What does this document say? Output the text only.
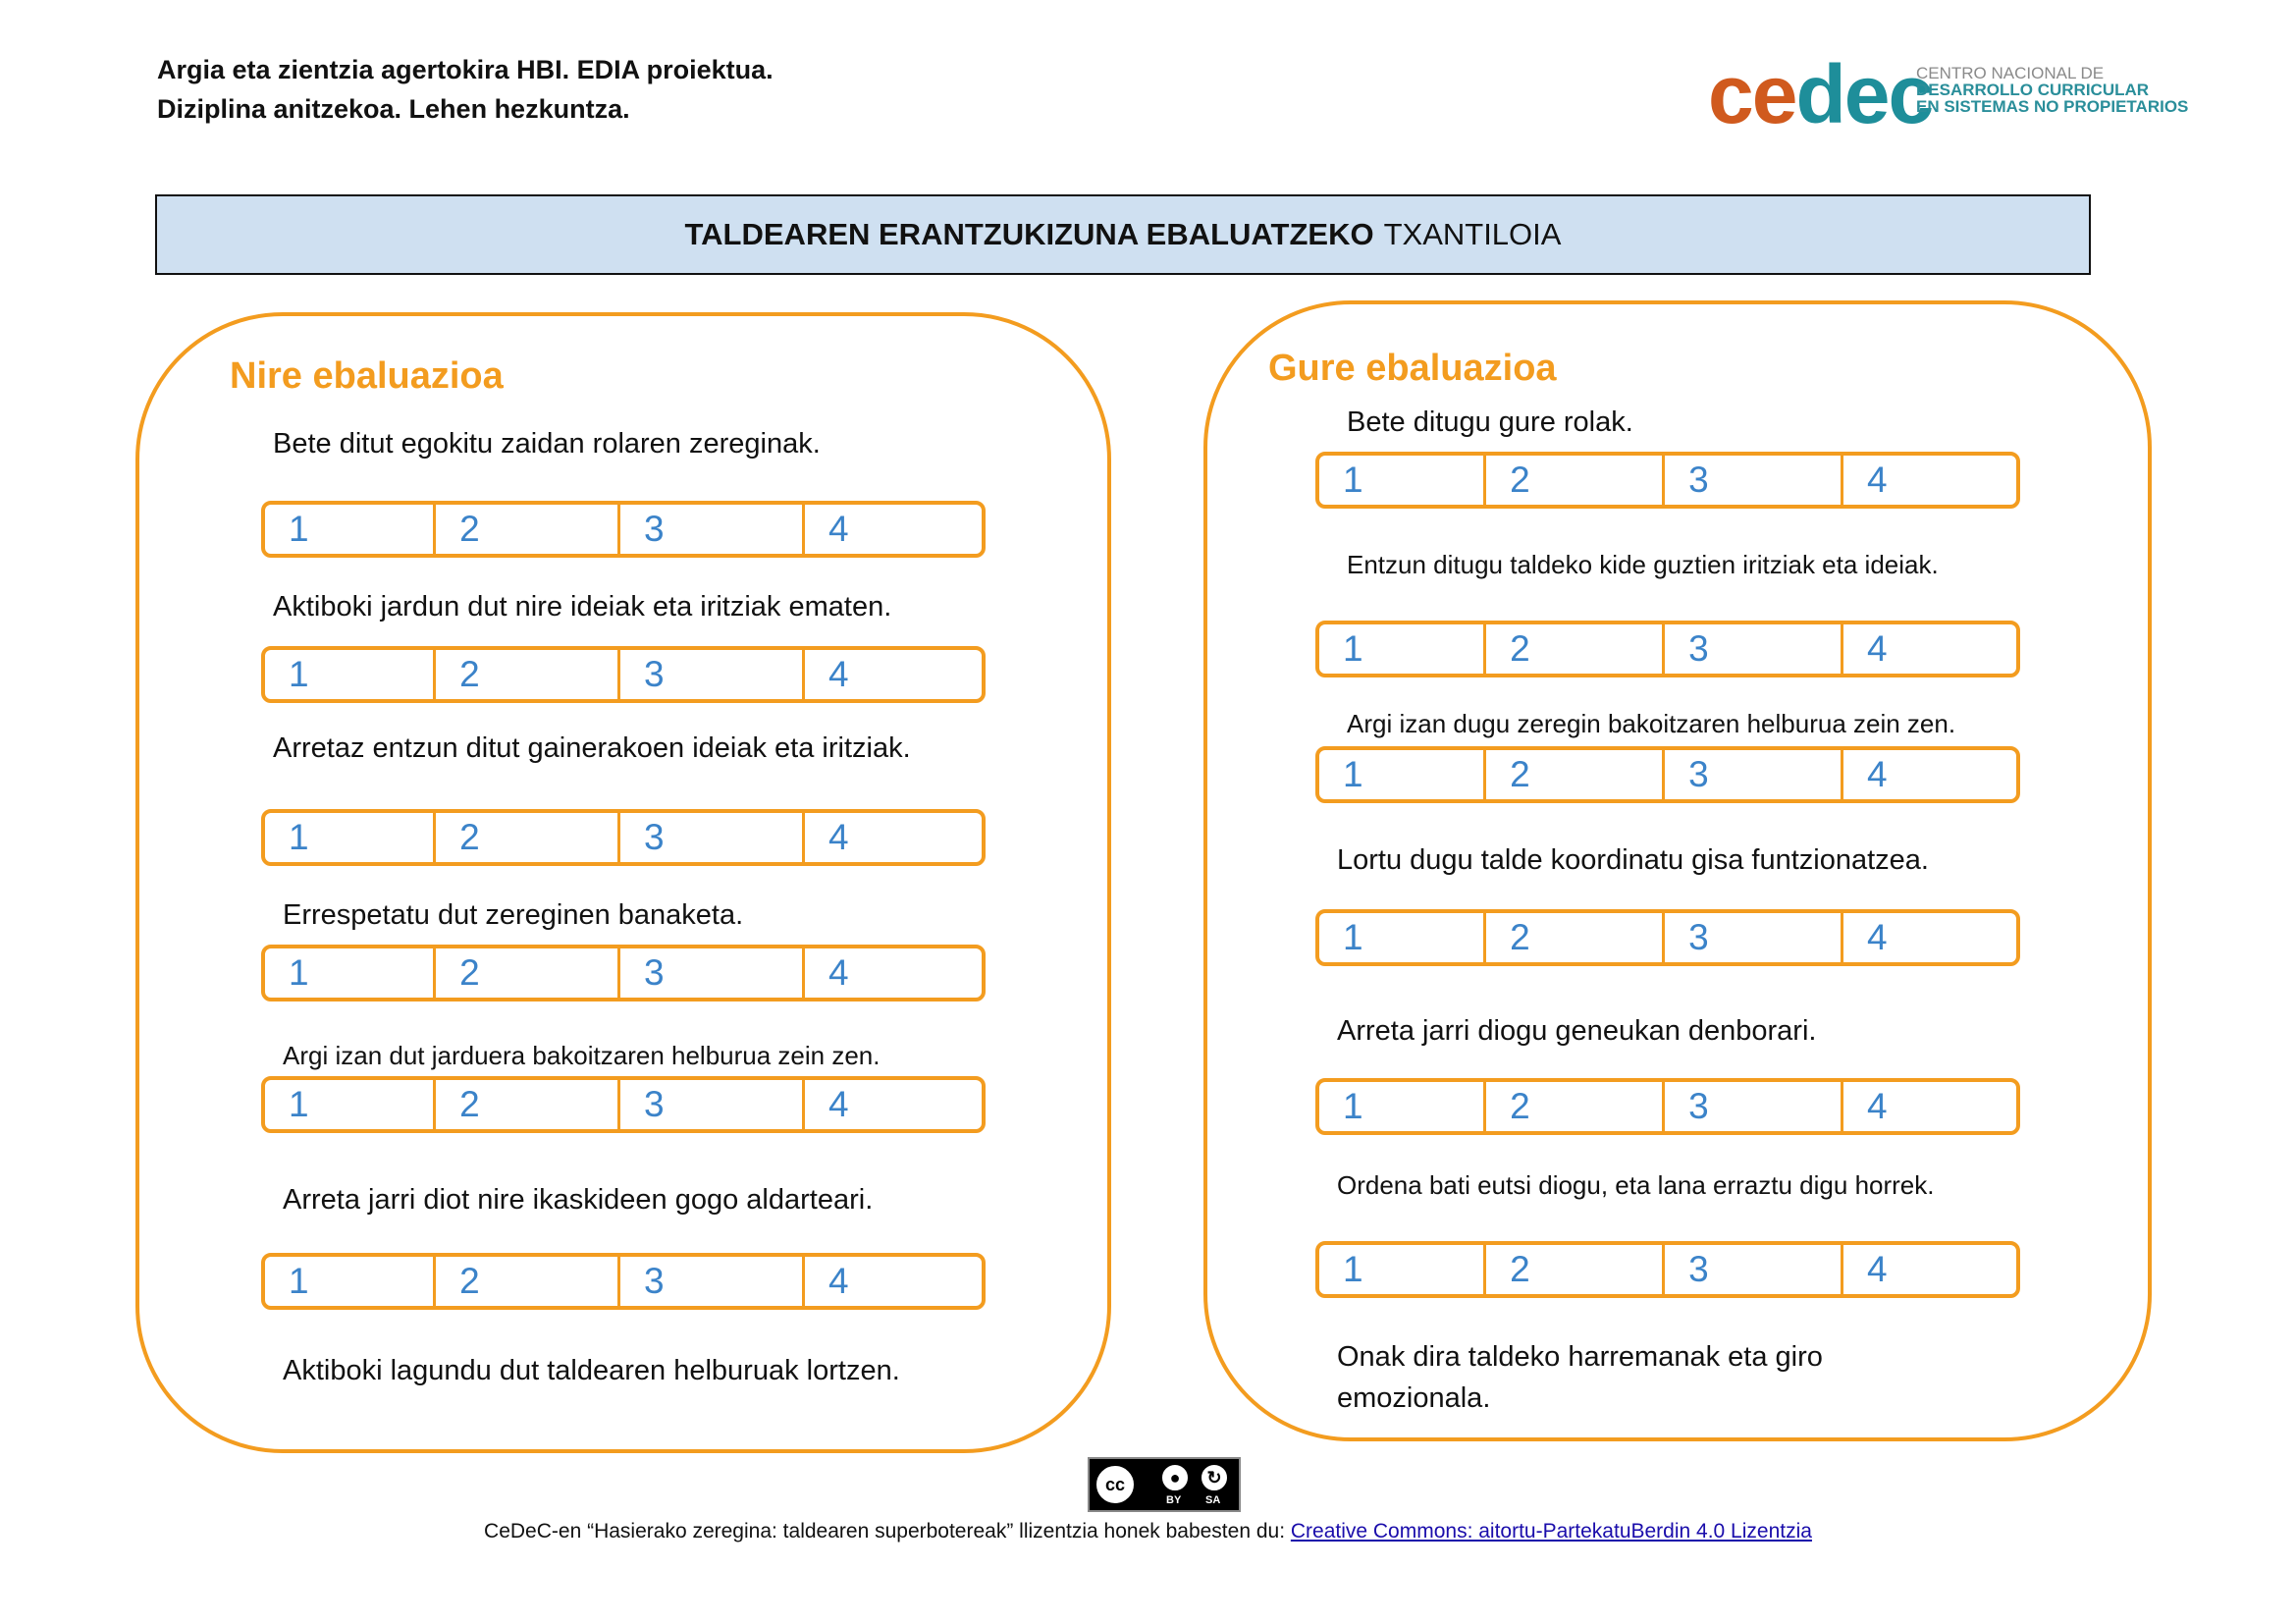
Argia eta zientzia agertokira HBI. EDIA proiektua.
Diziplina anitzekoa. Lehen hezkuntza.	cedec
CENTRO NACIONAL DE
DESARROLLO CURRICULAR
EN SISTEMAS NO PROPIETARIOS
TALDEAREN ERANTZUKIZUNA EBALUATZEKO TXANTILOIA
Nire ebaluazioa
Bete ditut egokitu zaidan rolaren zereginak.
Aktiboki jardun dut nire ideiak eta iritziak ematen.
Arretaz entzun ditut gainerakoen ideiak eta iritziak.
Errespetatu dut zereginen banaketa.
Argi izan dut jarduera bakoitzaren helburua zein zen.
Arreta jarri diot nire ikaskideen gogo aldarteari.
Aktiboki lagundu dut taldearen helburuak lortzen.
1	2	3	4
1	2	3	4
1	2	3	4
1	2	3	4
1	2	3	4
1	2	3	4
Gure ebaluazioa
Bete ditugu gure rolak.
Entzun ditugu taldeko kide guztien iritziak eta ideiak.
Argi izan dugu zeregin bakoitzaren helburua zein zen.
Lortu dugu talde koordinatu gisa funtzionatzea.
Arreta jarri diogu geneukan denborari.
Ordena bati eutsi diogu, eta lana erraztu digu horrek.
Onak dira taldeko harremanak eta giro
emozionala.
1	2	3	4
1	2	3	4
1	2	3	4
1	2	3	4
1	2	3	4
1	2	3	4
cc	●	↻
BY SA
CeDeC-en “Hasierako zeregina: taldearen superbotereak” llizentzia honek babesten du: Creative Commons: aitortu-PartekatuBerdin 4.0 Lizentzia
